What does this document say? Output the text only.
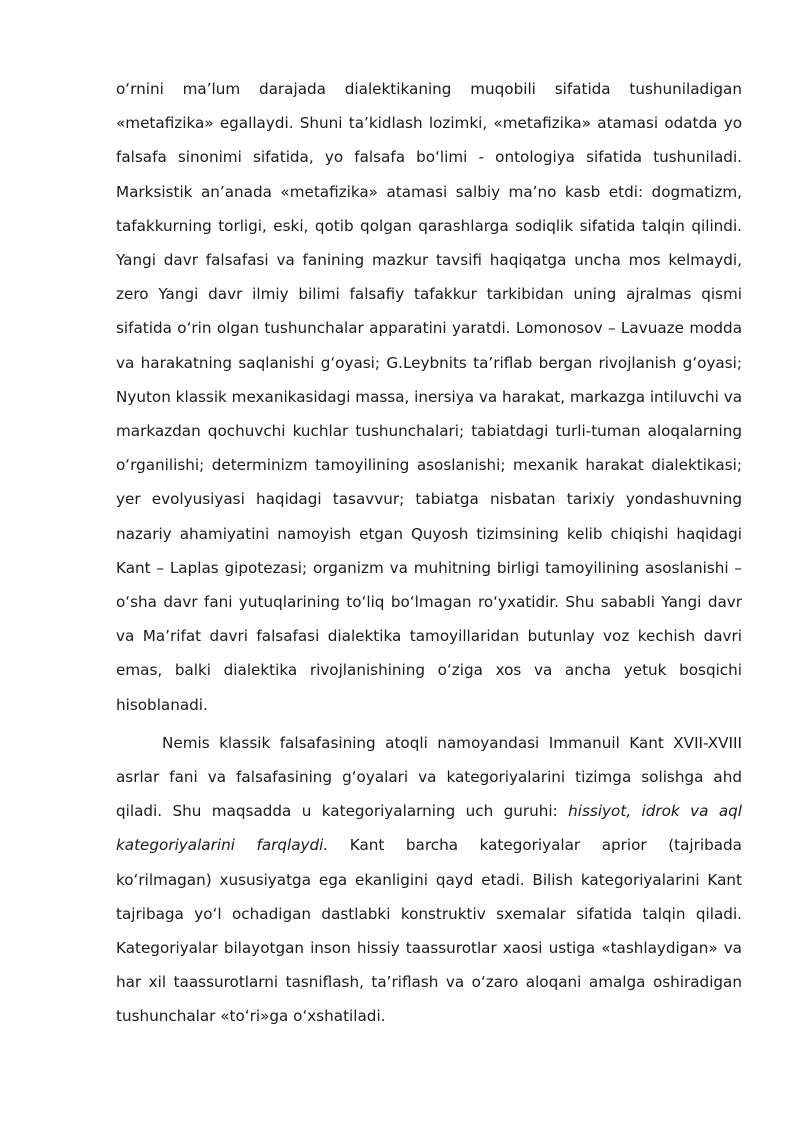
oʻrnini maʼlum darajada dialektikaning muqobili sifatida tushuniladigan «metafizika» egallaydi. Shuni taʼkidlash lozimki, «metafizika» atamasi odatda yo falsafa sinonimi sifatida, yo falsafa boʻlimi - ontologiya sifatida tushuniladi. Marksistik anʼanada «metafizika» atamasi salbiy maʼno kasb etdi: dogmatizm, tafakkurning torligi, eski, qotib qolgan qarashlarga sodiqlik sifatida talqin qilindi. Yangi davr falsafasi va fanining mazkur tavsifi haqiqatga uncha mos kelmaydi, zero Yangi davr ilmiy bilimi falsafiy tafakkur tarkibidan uning ajralmas qismi sifatida oʻrin olgan tushunchalar apparatini yaratdi. Lomonosov – Lavuaze modda va harakatning saqlanishi gʻoyasi; G.Leybnits taʼriflab bergan rivojlanish gʻoyasi; Nyuton klassik mexanikasidagi massa, inersiya va harakat, markazga intiluvchi va markazdan qochuvchi kuchlar tushunchalari; tabiatdagi turli-tuman aloqalarning oʻrganilishi; determinizm tamoyilining asoslanishi; mexanik harakat dialektikasi; yer evolyusiyasi haqidagi tasavvur; tabiatga nisbatan tarixiy yondashuvning nazariy ahamiyatini namoyish etgan Quyosh tizimsining kelib chiqishi haqidagi Kant – Laplas gipotezasi; organizm va muhitning birligi tamoyilining asoslanishi – oʻsha davr fani yutuqlarining toʻliq boʻlmagan roʻyxatidir. Shu sababli Yangi davr va Maʼrifat davri falsafasi dialektika tamoyillaridan butunlay voz kechish davri emas, balki dialektika rivojlanishining oʻziga xos va ancha yetuk bosqichi hisoblanadi.

Nemis klassik falsafasining atoqli namoyandasi Immanuil Kant XVII-XVIII asrlar fani va falsafasining gʻoyalari va kategoriyalarini tizimga solishga ahd qiladi. Shu maqsadda u kategoriyalarning uch guruhi: hissiyot, idrok va aql kategoriyalarini farqlaydi. Kant barcha kategoriyalar aprior (tajribada koʻrilmagan) xususiyatga ega ekanligini qayd etadi. Bilish kategoriyalarini Kant tajribaga yoʻl ochadigan dastlabki konstruktiv sxemalar sifatida talqin qiladi. Kategoriyalar bilayotgan inson hissiy taassurotlar xaosi ustiga «tashlaydigan» va har xil taassurotlarni tasniflash, taʼriflash va oʻzaro aloqani amalga oshiradigan tushunchalar «toʻri»ga oʻxshatiladi.
